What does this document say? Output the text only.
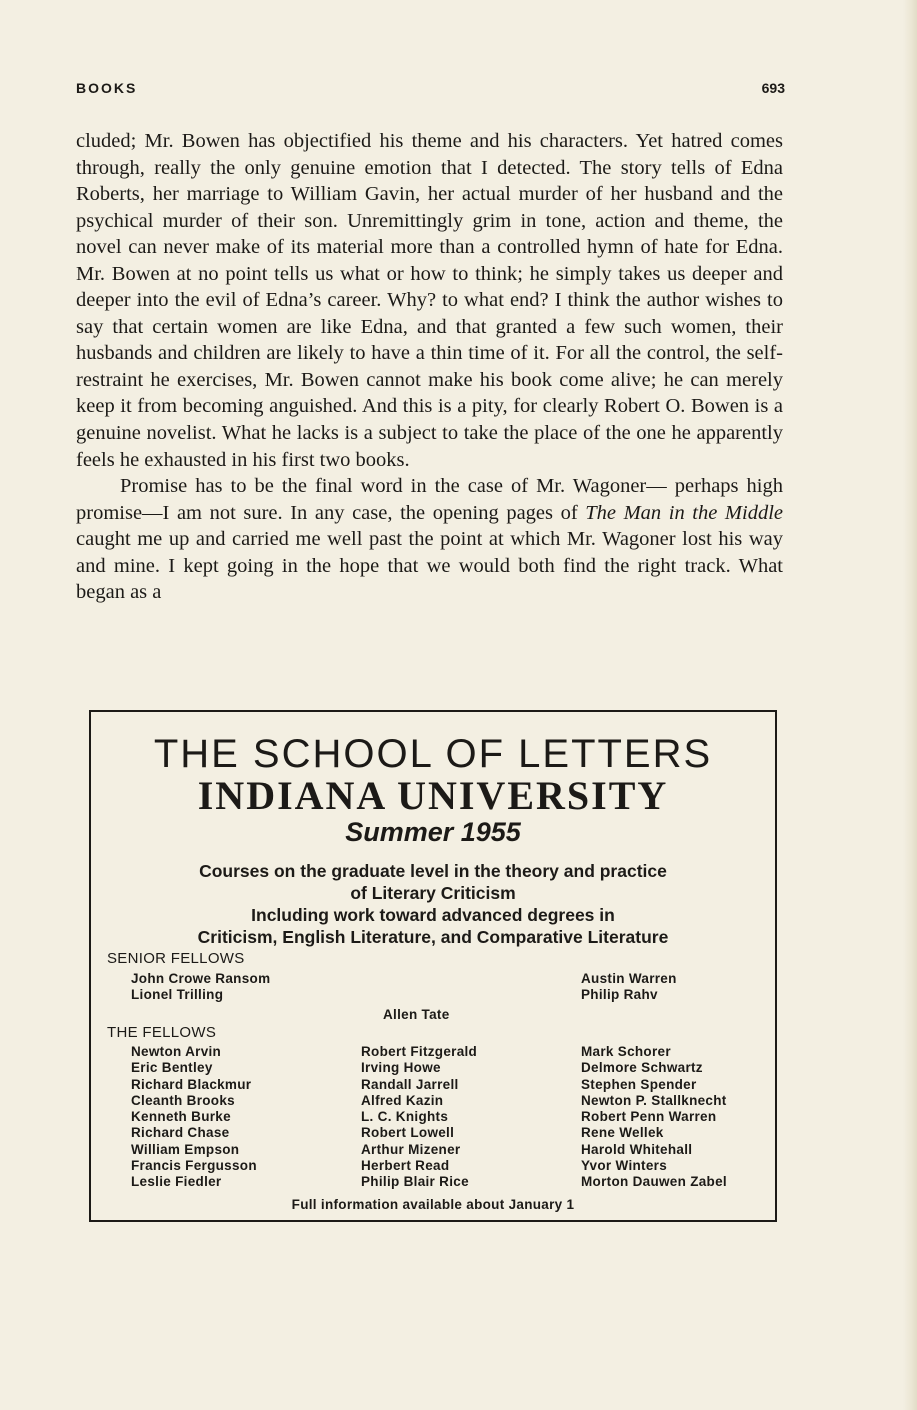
BOOKS	693

cluded; Mr. Bowen has objectified his theme and his characters. Yet hatred comes through, really the only genuine emotion that I detected. The story tells of Edna Roberts, her marriage to William Gavin, her actual murder of her husband and the psychical murder of their son. Unremittingly grim in tone, action and theme, the novel can never make of its material more than a controlled hymn of hate for Edna. Mr. Bowen at no point tells us what or how to think; he simply takes us deeper and deeper into the evil of Edna’s career. Why? to what end? I think the author wishes to say that certain women are like Edna, and that granted a few such women, their husbands and children are likely to have a thin time of it. For all the control, the self-restraint he exercises, Mr. Bowen cannot make his book come alive; he can merely keep it from becoming anguished. And this is a pity, for clearly Robert O. Bowen is a genuine novelist. What he lacks is a subject to take the place of the one he apparently feels he exhausted in his first two books.

Promise has to be the final word in the case of Mr. Wagoner— perhaps high promise—I am not sure. In any case, the opening pages of The Man in the Middle caught me up and carried me well past the point at which Mr. Wagoner lost his way and mine. I kept going in the hope that we would both find the right track. What began as a

THE SCHOOL OF LETTERS
INDIANA UNIVERSITY
Summer 1955
Courses on the graduate level in the theory and practice
of Literary Criticism
Including work toward advanced degrees in
Criticism, English Literature, and Comparative Literature
SENIOR FELLOWS
John Crowe Ransom
Lionel Trilling
Allen Tate
Austin Warren
Philip Rahv
THE FELLOWS
Newton Arvin
Eric Bentley
Richard Blackmur
Cleanth Brooks
Kenneth Burke
Richard Chase
William Empson
Francis Fergusson
Leslie Fiedler
Robert Fitzgerald
Irving Howe
Randall Jarrell
Alfred Kazin
L. C. Knights
Robert Lowell
Arthur Mizener
Herbert Read
Philip Blair Rice
Mark Schorer
Delmore Schwartz
Stephen Spender
Newton P. Stallknecht
Robert Penn Warren
Rene Wellek
Harold Whitehall
Yvor Winters
Morton Dauwen Zabel
Full information available about January 1
